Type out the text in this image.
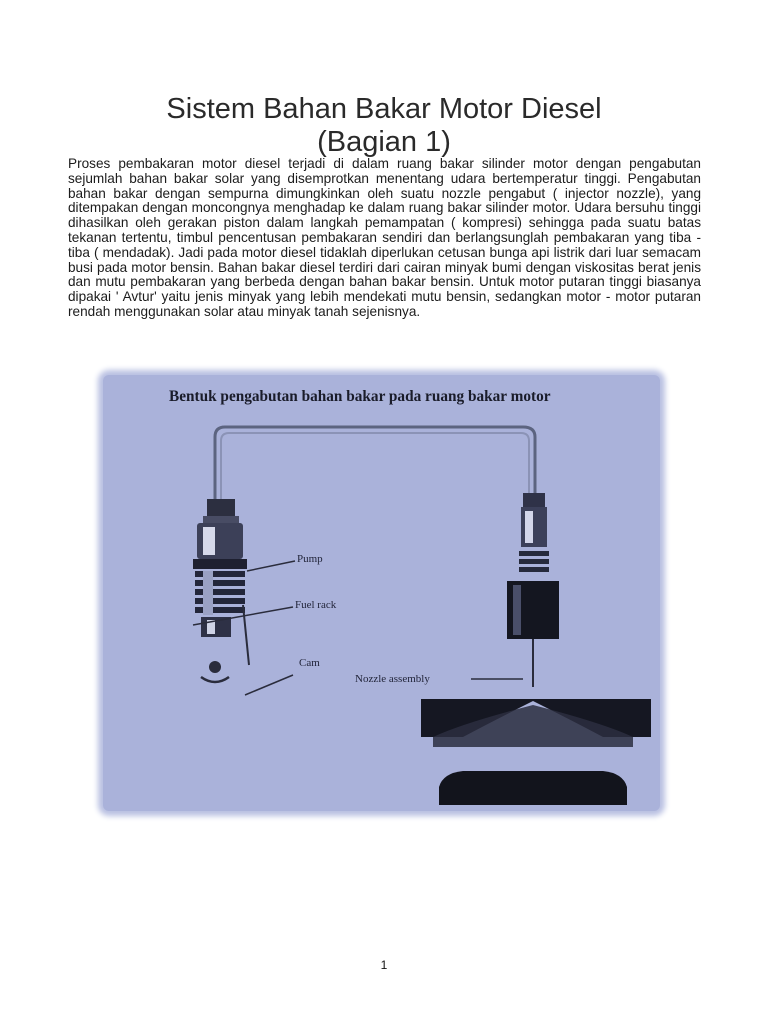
Sistem Bahan Bakar Motor Diesel
(Bagian 1)

Proses pembakaran motor diesel terjadi di dalam ruang bakar silinder motor dengan pengabutan sejumlah bahan bakar solar yang disemprotkan menentang udara bertemperatur tinggi. Pengabutan bahan bakar dengan sempurna dimungkinkan oleh suatu nozzle pengabut ( injector nozzle), yang ditempakan dengan moncongnya menghadap ke dalam ruang bakar silinder motor. Udara bersuhu tinggi dihasilkan oleh gerakan piston dalam langkah pemampatan ( kompresi) sehingga pada suatu batas tekanan tertentu, timbul pencentusan pembakaran sendiri dan berlangsunglah pembakaran yang tiba - tiba ( mendadak). Jadi pada motor diesel tidaklah diperlukan cetusan bunga api listrik dari luar semacam busi pada motor bensin. Bahan bakar diesel terdiri dari cairan minyak bumi dengan viskositas berat jenis dan mutu pembakaran yang berbeda dengan bahan bakar bensin. Untuk motor putaran tinggi biasanya dipakai ' Avtur' yaitu jenis minyak yang lebih mendekati mutu bensin, sedangkan motor - motor putaran rendah menggunakan solar atau minyak tanah sejenisnya.

Bentuk pengabutan bahan bakar pada ruang bakar motor
Pump
Fuel rack
Cam
Nozzle assembly
1
